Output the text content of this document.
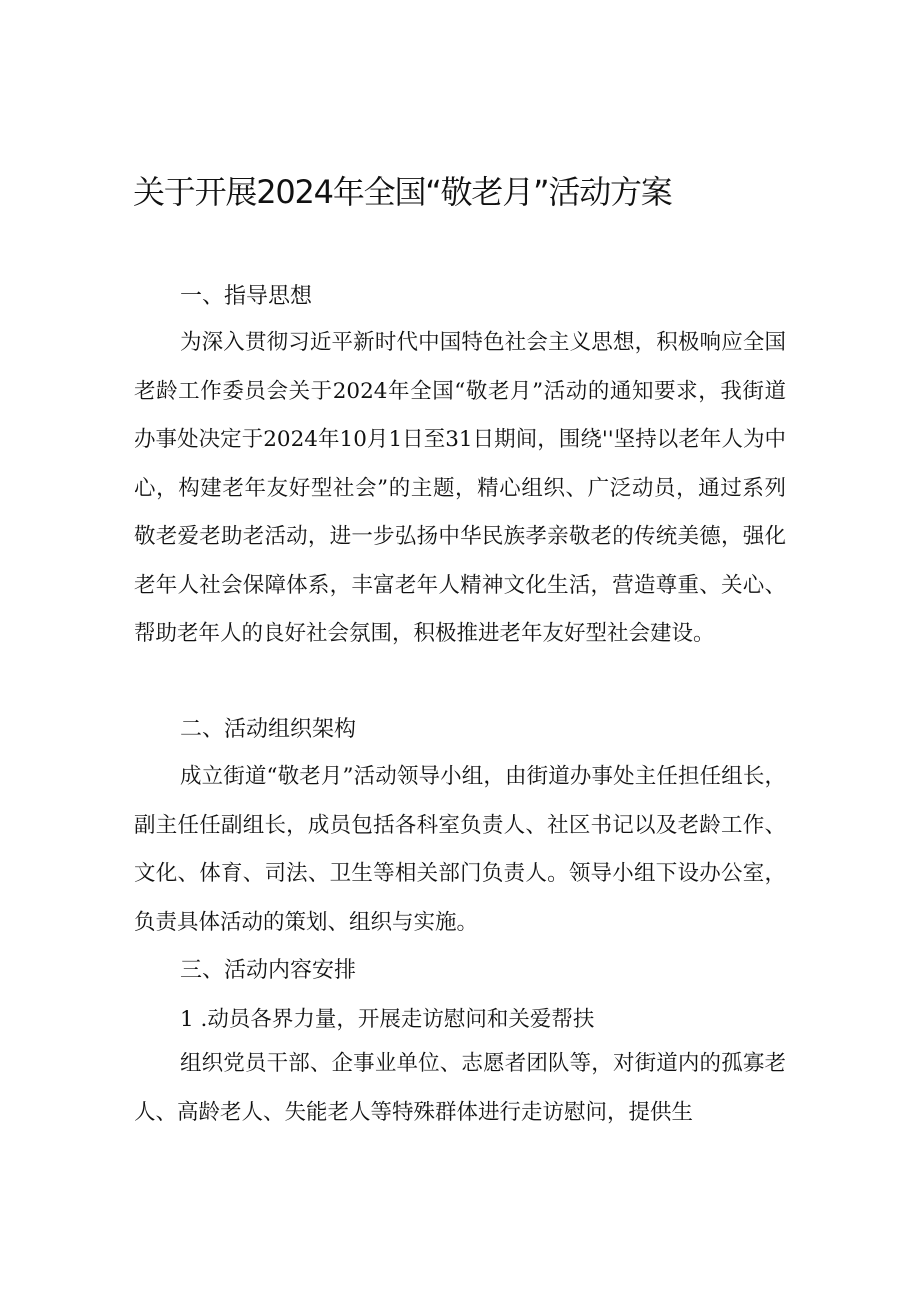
关于开展2024年全国“敬老月”活动方案
一、指导思想

为深入贯彻习近平新时代中国特色社会主义思想，积极响应全国老龄工作委员会关于2024年全国“敬老月”活动的通知要求，我街道办事处决定于2024年10月1日至31日期间，围绕''坚持以老年人为中心，构建老年友好型社会”的主题，精心组织、广泛动员，通过系列敬老爱老助老活动，进一步弘扬中华民族孝亲敬老的传统美德，强化老年人社会保障体系，丰富老年人精神文化生活，营造尊重、关心、帮助老年人的良好社会氛围，积极推进老年友好型社会建设。

二、活动组织架构

成立街道“敬老月”活动领导小组，由街道办事处主任担任组长，副主任任副组长，成员包括各科室负责人、社区书记以及老龄工作、文化、体育、司法、卫生等相关部门负责人。领导小组下设办公室，负责具体活动的策划、组织与实施。

三、活动内容安排
1 .动员各界力量，开展走访慰问和关爱帮扶

组织党员干部、企事业单位、志愿者团队等，对街道内的孤寡老人、高龄老人、失能老人等特殊群体进行走访慰问，提供生
